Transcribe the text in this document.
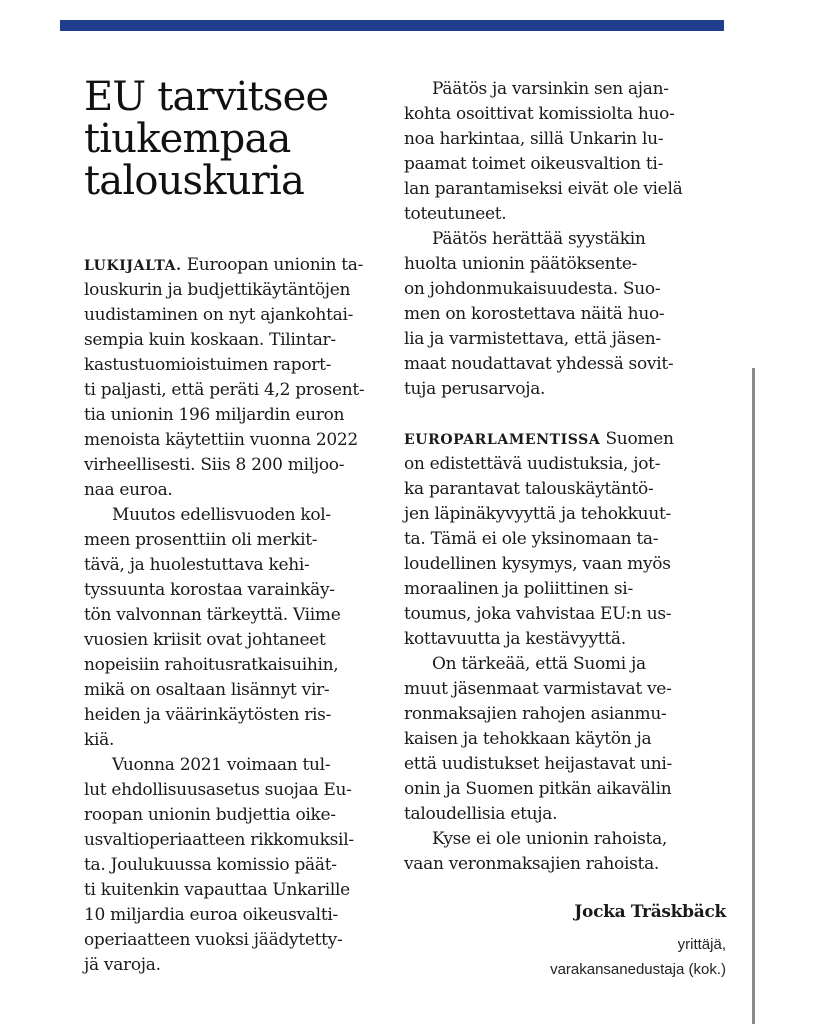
EU tarvitsee
tiukempaa
talouskuria
LUKIJALTA. Euroopan unionin ta-
louskurin ja budjettikäytäntöjen
uudistaminen on nyt ajankohtai-
sempia kuin koskaan. Tilintar-
kastustuomioistuimen raport-
ti paljasti, että peräti 4,2 prosent-
tia unionin 196 miljardin euron
menoista käytettiin vuonna 2022
virheellisesti. Siis 8 200 miljoo-
naa euroa.
Muutos edellisvuoden kol-
meen prosenttiin oli merkit-
tävä, ja huolestuttava kehi-
tyssuunta korostaa varainkäy-
tön valvonnan tärkeyttä. Viime
vuosien kriisit ovat johtaneet
nopeisiin rahoitusratkaisuihin,
mikä on osaltaan lisännyt vir-
heiden ja väärinkäytösten ris-
kiä.
Vuonna 2021 voimaan tul-
lut ehdollisuusasetus suojaa Eu-
roopan unionin budjettia oike-
usvaltioperiaatteen rikkomuksil-
ta. Joulukuussa komissio päät-
ti kuitenkin vapauttaa Unkarille
10 miljardia euroa oikeusvalti-
operiaatteen vuoksi jäädytetty-
jä varoja.
Päätös ja varsinkin sen ajan-
kohta osoittivat komissiolta huo-
noa harkintaa, sillä Unkarin lu-
paamat toimet oikeusvaltion ti-
lan parantamiseksi eivät ole vielä
toteutuneet.
Päätös herättää syystäkin
huolta unionin päätöksente-
on johdonmukaisuudesta. Suo-
men on korostettava näitä huo-
lia ja varmistettava, että jäsen-
maat noudattavat yhdessä sovit-
tuja perusarvoja.
EUROPARLAMENTISSA Suomen
on edistettävä uudistuksia, jot-
ka parantavat talouskäytäntö-
jen läpinäkyvyyttä ja tehokkuut-
ta. Tämä ei ole yksinomaan ta-
loudellinen kysymys, vaan myös
moraalinen ja poliittinen si-
toumus, joka vahvistaa EU:n us-
kottavuutta ja kestävyyttä.
On tärkeää, että Suomi ja
muut jäsenmaat varmistavat ve-
ronmaksajien rahojen asianmu-
kaisen ja tehokkaan käytön ja
että uudistukset heijastavat uni-
onin ja Suomen pitkän aikavälin
taloudellisia etuja.
Kyse ei ole unionin rahoista,
vaan veronmaksajien rahoista.
Jocka Träskbäck
yrittäjä,
varakansanedustaja (kok.)
